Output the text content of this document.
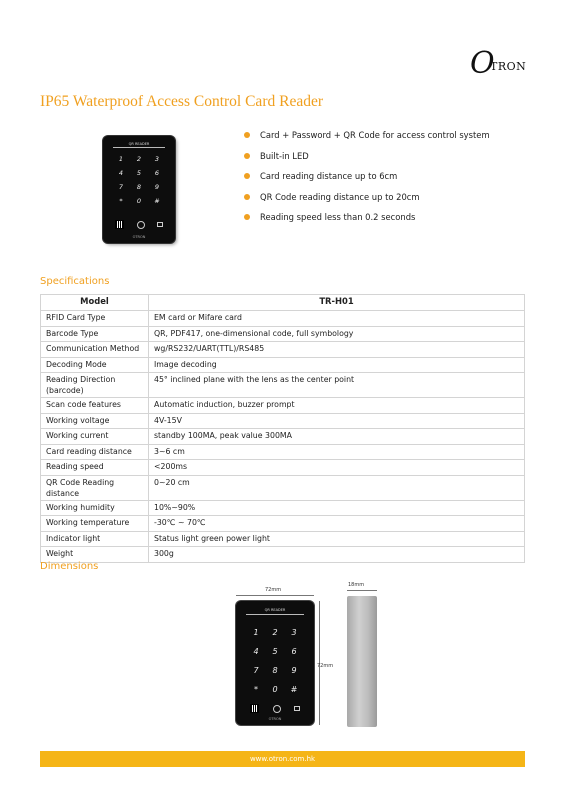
O
TRON
IP65 Waterproof Access Control Card Reader
QR READER
1	2	3
4	5	6
7	8	9
*	0	#
OTRON
Card + Password + QR Code for access control system
Built-in LED
Card reading distance up to 6cm
QR Code reading distance up to 20cm
Reading speed less than 0.2 seconds
Specifications
Model	TR-H01
RFID Card Type	EM card or Mifare card
Barcode Type	QR, PDF417, one-dimensional code, full symbology
Communication Method	wg/RS232/UART(TTL)/RS485
Decoding Mode	Image decoding
Reading Direction (barcode)	45° inclined plane with the lens as the center point
Scan code features	Automatic induction, buzzer prompt
Working voltage	4V-15V
Working current	standby 100MA, peak value 300MA
Card reading distance	3~6 cm
Reading speed	<200ms
QR Code Reading distance	0~20 cm
Working humidity	10%~90%
Working temperature	-30℃ ~ 70℃
Indicator light	Status light green power light
Weight	300g
Dimensions
72mm
QR READER
1	2	3
4	5	6
7	8	9
*	0	#
OTRON
72mm
18mm
www.otron.com.hk
